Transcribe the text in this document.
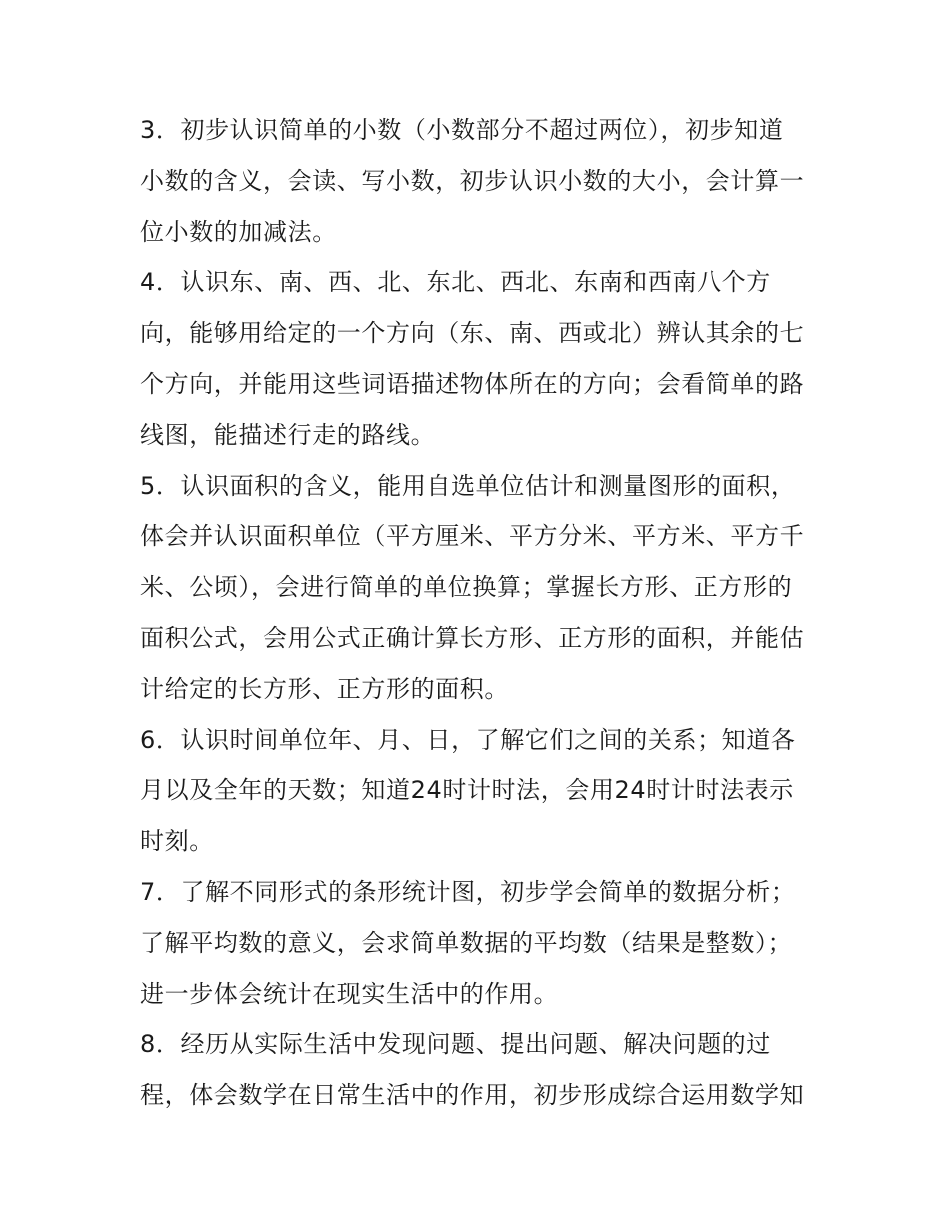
3．初步认识简单的小数（小数部分不超过两位），初步知道
小数的含义，会读、写小数，初步认识小数的大小，会计算一
位小数的加减法。
4．认识东、南、西、北、东北、西北、东南和西南八个方
向，能够用给定的一个方向（东、南、西或北）辨认其余的七
个方向，并能用这些词语描述物体所在的方向；会看简单的路
线图，能描述行走的路线。
5．认识面积的含义，能用自选单位估计和测量图形的面积，
体会并认识面积单位（平方厘米、平方分米、平方米、平方千
米、公顷），会进行简单的单位换算；掌握长方形、正方形的
面积公式，会用公式正确计算长方形、正方形的面积，并能估
计给定的长方形、正方形的面积。
6．认识时间单位年、月、日，了解它们之间的关系；知道各
月以及全年的天数；知道24时计时法，会用24时计时法表示
时刻。
7．了解不同形式的条形统计图，初步学会简单的数据分析；
了解平均数的意义，会求简单数据的平均数（结果是整数）；
进一步体会统计在现实生活中的作用。
8．经历从实际生活中发现问题、提出问题、解决问题的过
程，体会数学在日常生活中的作用，初步形成综合运用数学知
